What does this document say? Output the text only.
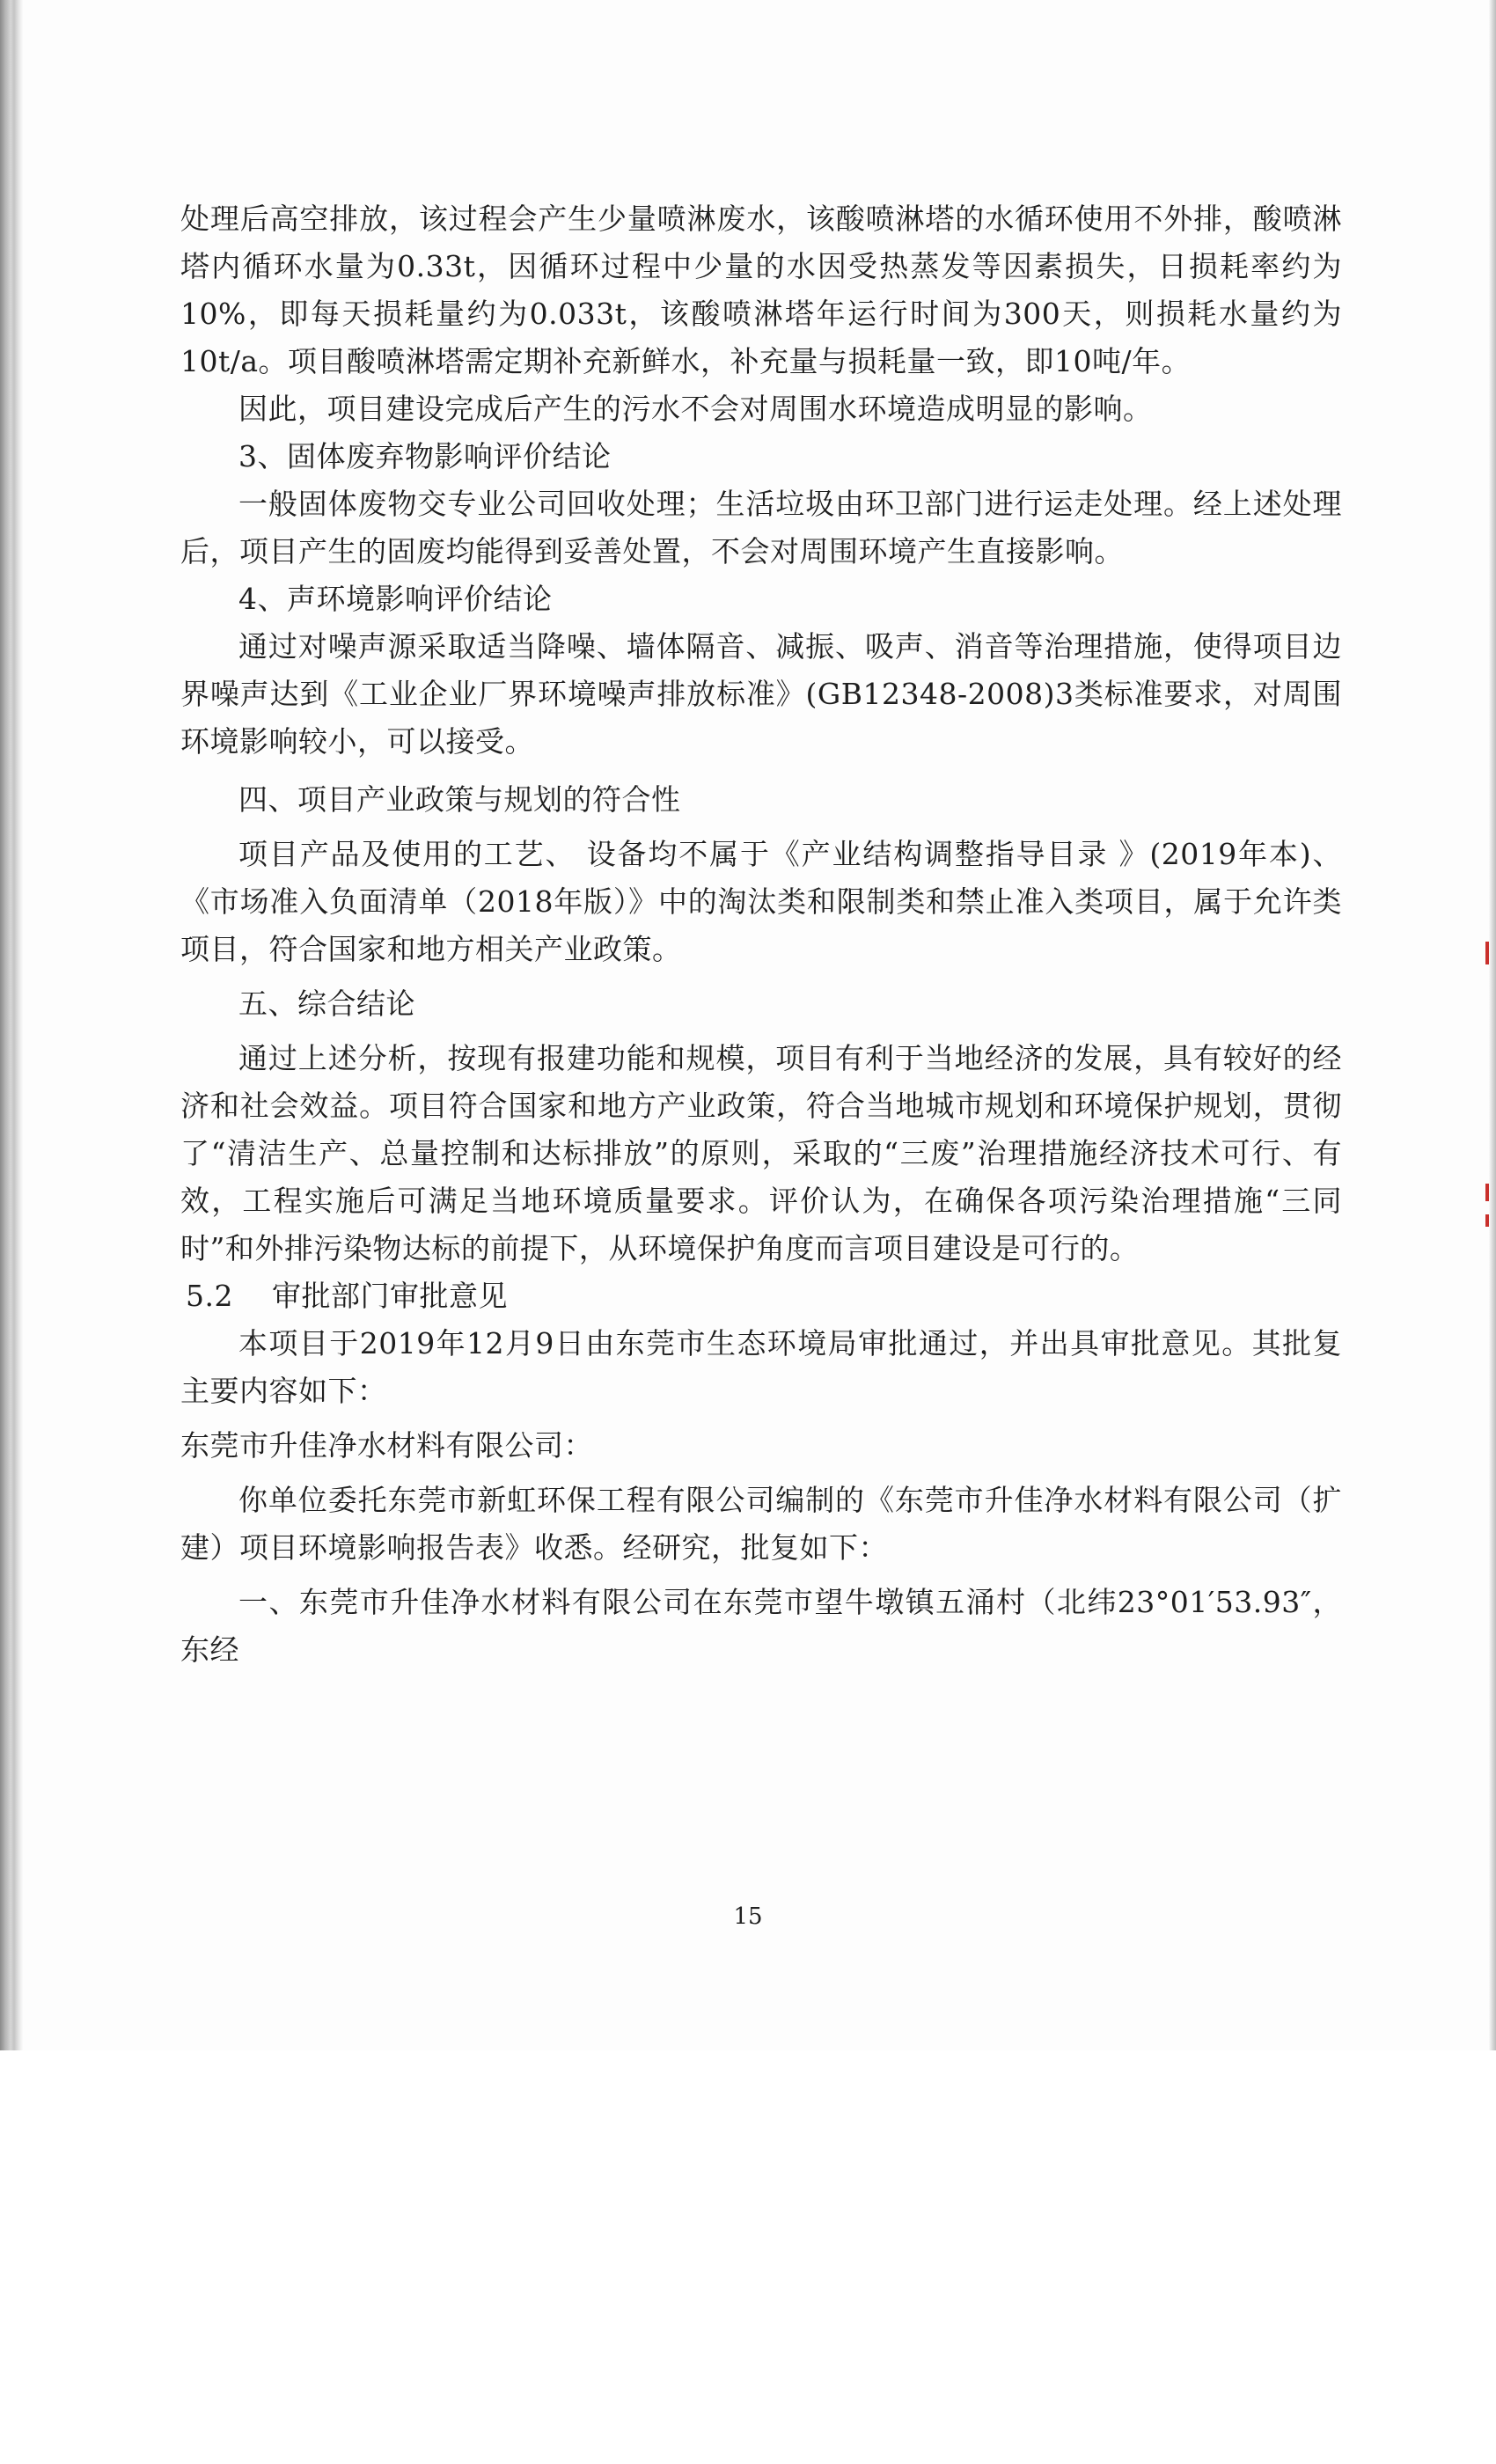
处理后高空排放，该过程会产生少量喷淋废水，该酸喷淋塔的水循环使用不外排，酸喷淋塔内循环水量为0.33t，因循环过程中少量的水因受热蒸发等因素损失，日损耗率约为10%，即每天损耗量约为0.033t，该酸喷淋塔年运行时间为300天，则损耗水量约为10t/a。项目酸喷淋塔需定期补充新鲜水，补充量与损耗量一致，即10吨/年。

因此，项目建设完成后产生的污水不会对周围水环境造成明显的影响。

3、固体废弃物影响评价结论

一般固体废物交专业公司回收处理；生活垃圾由环卫部门进行运走处理。经上述处理后，项目产生的固废均能得到妥善处置，不会对周围环境产生直接影响。

4、声环境影响评价结论

通过对噪声源采取适当降噪、墙体隔音、减振、吸声、消音等治理措施，使得项目边界噪声达到《工业企业厂界环境噪声排放标准》(GB12348-2008)3类标准要求，对周围环境影响较小，可以接受。

四、项目产业政策与规划的符合性

项目产品及使用的工艺、 设备均不属于《产业结构调整指导目录 》(2019年本)、《市场准入负面清单（2018年版）》中的淘汰类和限制类和禁止准入类项目，属于允许类项目，符合国家和地方相关产业政策。

五、综合结论

通过上述分析，按现有报建功能和规模，项目有利于当地经济的发展，具有较好的经济和社会效益。项目符合国家和地方产业政策，符合当地城市规划和环境保护规划，贯彻了“清洁生产、总量控制和达标排放”的原则，采取的“三废”治理措施经济技术可行、有效，工程实施后可满足当地环境质量要求。评价认为，在确保各项污染治理措施“三同时”和外排污染物达标的前提下，从环境保护角度而言项目建设是可行的。

5.2    审批部门审批意见

本项目于2019年12月9日由东莞市生态环境局审批通过，并出具审批意见。其批复主要内容如下：

东莞市升佳净水材料有限公司：

你单位委托东莞市新虹环保工程有限公司编制的《东莞市升佳净水材料有限公司（扩建）项目环境影响报告表》收悉。经研究，批复如下：

一、东莞市升佳净水材料有限公司在东莞市望牛墩镇五涌村（北纬23°01′53.93″，东经

15
